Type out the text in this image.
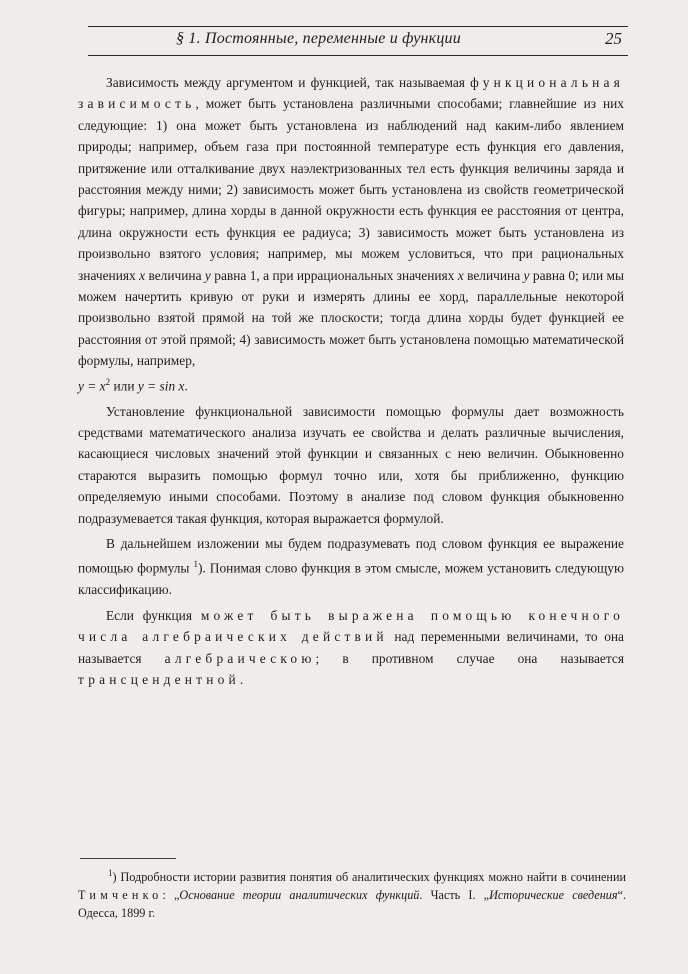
§ 1. Постоянные, переменные и функции	25

Зависимость между аргументом и функцией, так называемая функциональная зависимость, может быть установлена различными способами; главнейшие из них следующие: 1) она может быть установлена из наблюдений над каким-либо явлением природы; например, объем газа при постоянной температуре есть функция его давления, притяжение или отталкивание двух наэлектризованных тел есть функция величины заряда и расстояния между ними; 2) зависимость может быть установлена из свойств геометрической фигуры; например, длина хорды в данной окружности есть функция ее расстояния от центра, длина окружности есть функция ее радиуса; 3) зависимость может быть установлена из произвольно взятого условия; например, мы можем условиться, что при рациональных значениях x величина y равна 1, а при иррациональных значениях x величина y равна 0; или мы можем начертить кривую от руки и измерять длины ее хорд, параллельные некоторой произвольно взятой прямой на той же плоскости; тогда длина хорды будет функцией ее расстояния от этой прямой; 4) зависимость может быть установлена помощью математической формулы, например,
$y = x^2$ или y = sin x.

Установление функциональной зависимости помощью формулы дает возможность средствами математического анализа изучать ее свойства и делать различные вычисления, касающиеся числовых значений этой функции и связанных с нею величин. Обыкновенно стараются выразить помощью формул точно или, хотя бы приближенно, функцию определяемую иными способами. Поэтому в анализе под словом функция обыкновенно подразумевается такая функция, которая выражается формулой.

В дальнейшем изложении мы будем подразумевать под словом функция ее выражение помощью формулы $^1$). Понимая слово функция в этом смысле, можем установить следующую классификацию.

Если функция может быть выражена помощью конечного числа алгебраических действий над переменными величинами, то она называется алгебраическою; в противном случае она называется трансцендентной.

$^1$) Подробности истории развития понятия об аналитических функциях можно найти в сочинении Тимченко: „Основание теории аналитических функций. Часть I. „Исторические сведения“. Одесса, 1899 г.
